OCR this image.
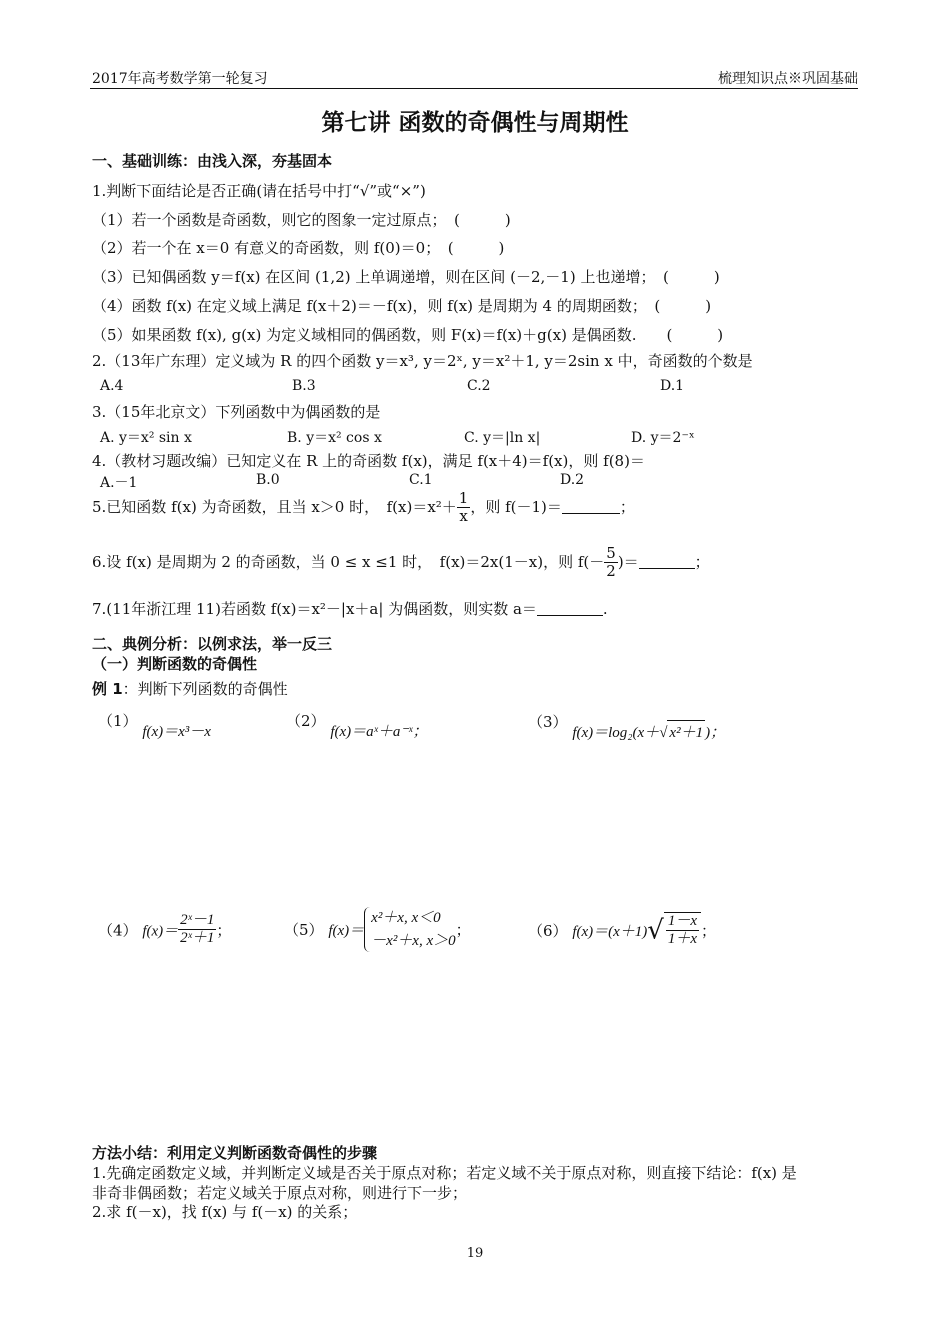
2017年高考数学第一轮复习	梳理知识点※巩固基础
第七讲 函数的奇偶性与周期性
一、基础训练：由浅入深，夯基固本
1.判断下面结论是否正确(请在括号中打“√”或“×”)
（1）若一个函数是奇函数，则它的图象一定过原点；　(　　　)
（2）若一个在 x＝0 有意义的奇函数，则 f(0)＝0；　(　　　)
（3）已知偶函数 y＝f(x) 在区间 (1,2) 上单调递增，则在区间 (－2,－1) 上也递增；　(　　　)
（4）函数 f(x) 在定义域上满足 f(x＋2)＝－f(x)，则 f(x) 是周期为 4 的周期函数；　(　　　)
（5）如果函数 f(x), g(x) 为定义域相同的偶函数，则 F(x)＝f(x)＋g(x) 是偶函数.　　(　　　)
2.（13年广东理）定义域为 R 的四个函数 y＝x³, y＝2ˣ, y＝x²＋1, y＝2sin x 中，奇函数的个数是
A.4	B.3	C.2	D.1
3.（15年北京文）下列函数中为偶函数的是
A. y＝x² sin x	B. y＝x² cos x	C. y＝|ln x|	D. y＝2⁻ˣ
4.（教材习题改编）已知定义在 R 上的奇函数 f(x)，满足 f(x＋4)＝f(x)，则 f(8)＝
A.－1	B.0	C.1	D.2
5.已知函数 f(x) 为奇函数，且当 x＞0 时，　$f(x)=x^2+ \frac{1}{x}$ ，则 f(－1)＝	；
6.设 f(x) 是周期为 2 的奇函数，当 0 ≤ x ≤1 时，　f(x)＝2x(1－x)，则 $f(- \frac{5}{2}$ )＝	；
7.(11年浙江理 11)若函数 f(x)＝x²－|x＋a| 为偶函数，则实数 a＝	.
二、典例分析：以例求法，举一反三
（一）判断函数的奇偶性
例 1：判断下列函数的奇偶性
（1） f(x)＝x³－x
（2） f(x)＝aˣ＋a⁻ˣ；
（3） f(x)＝log₂(x＋√ x²＋1 )；
（4） $f(x)= \frac{\text{2ˣ－1}}{\text{2ˣ＋1}}$ ；	（5） f(x)＝
x²＋x, x＜0
－x²＋x, x＞0
；	（6） $f(x)=(x+1)√ \frac{1-x}{1+x}$ ；
方法小结：利用定义判断函数奇偶性的步骤
1.先确定函数定义域，并判断定义域是否关于原点对称；若定义域不关于原点对称，则直接下结论：f(x) 是
非奇非偶函数；若定义域关于原点对称，则进行下一步；
2.求 f(－x)，找 f(x) 与 f(－x) 的关系；
19
